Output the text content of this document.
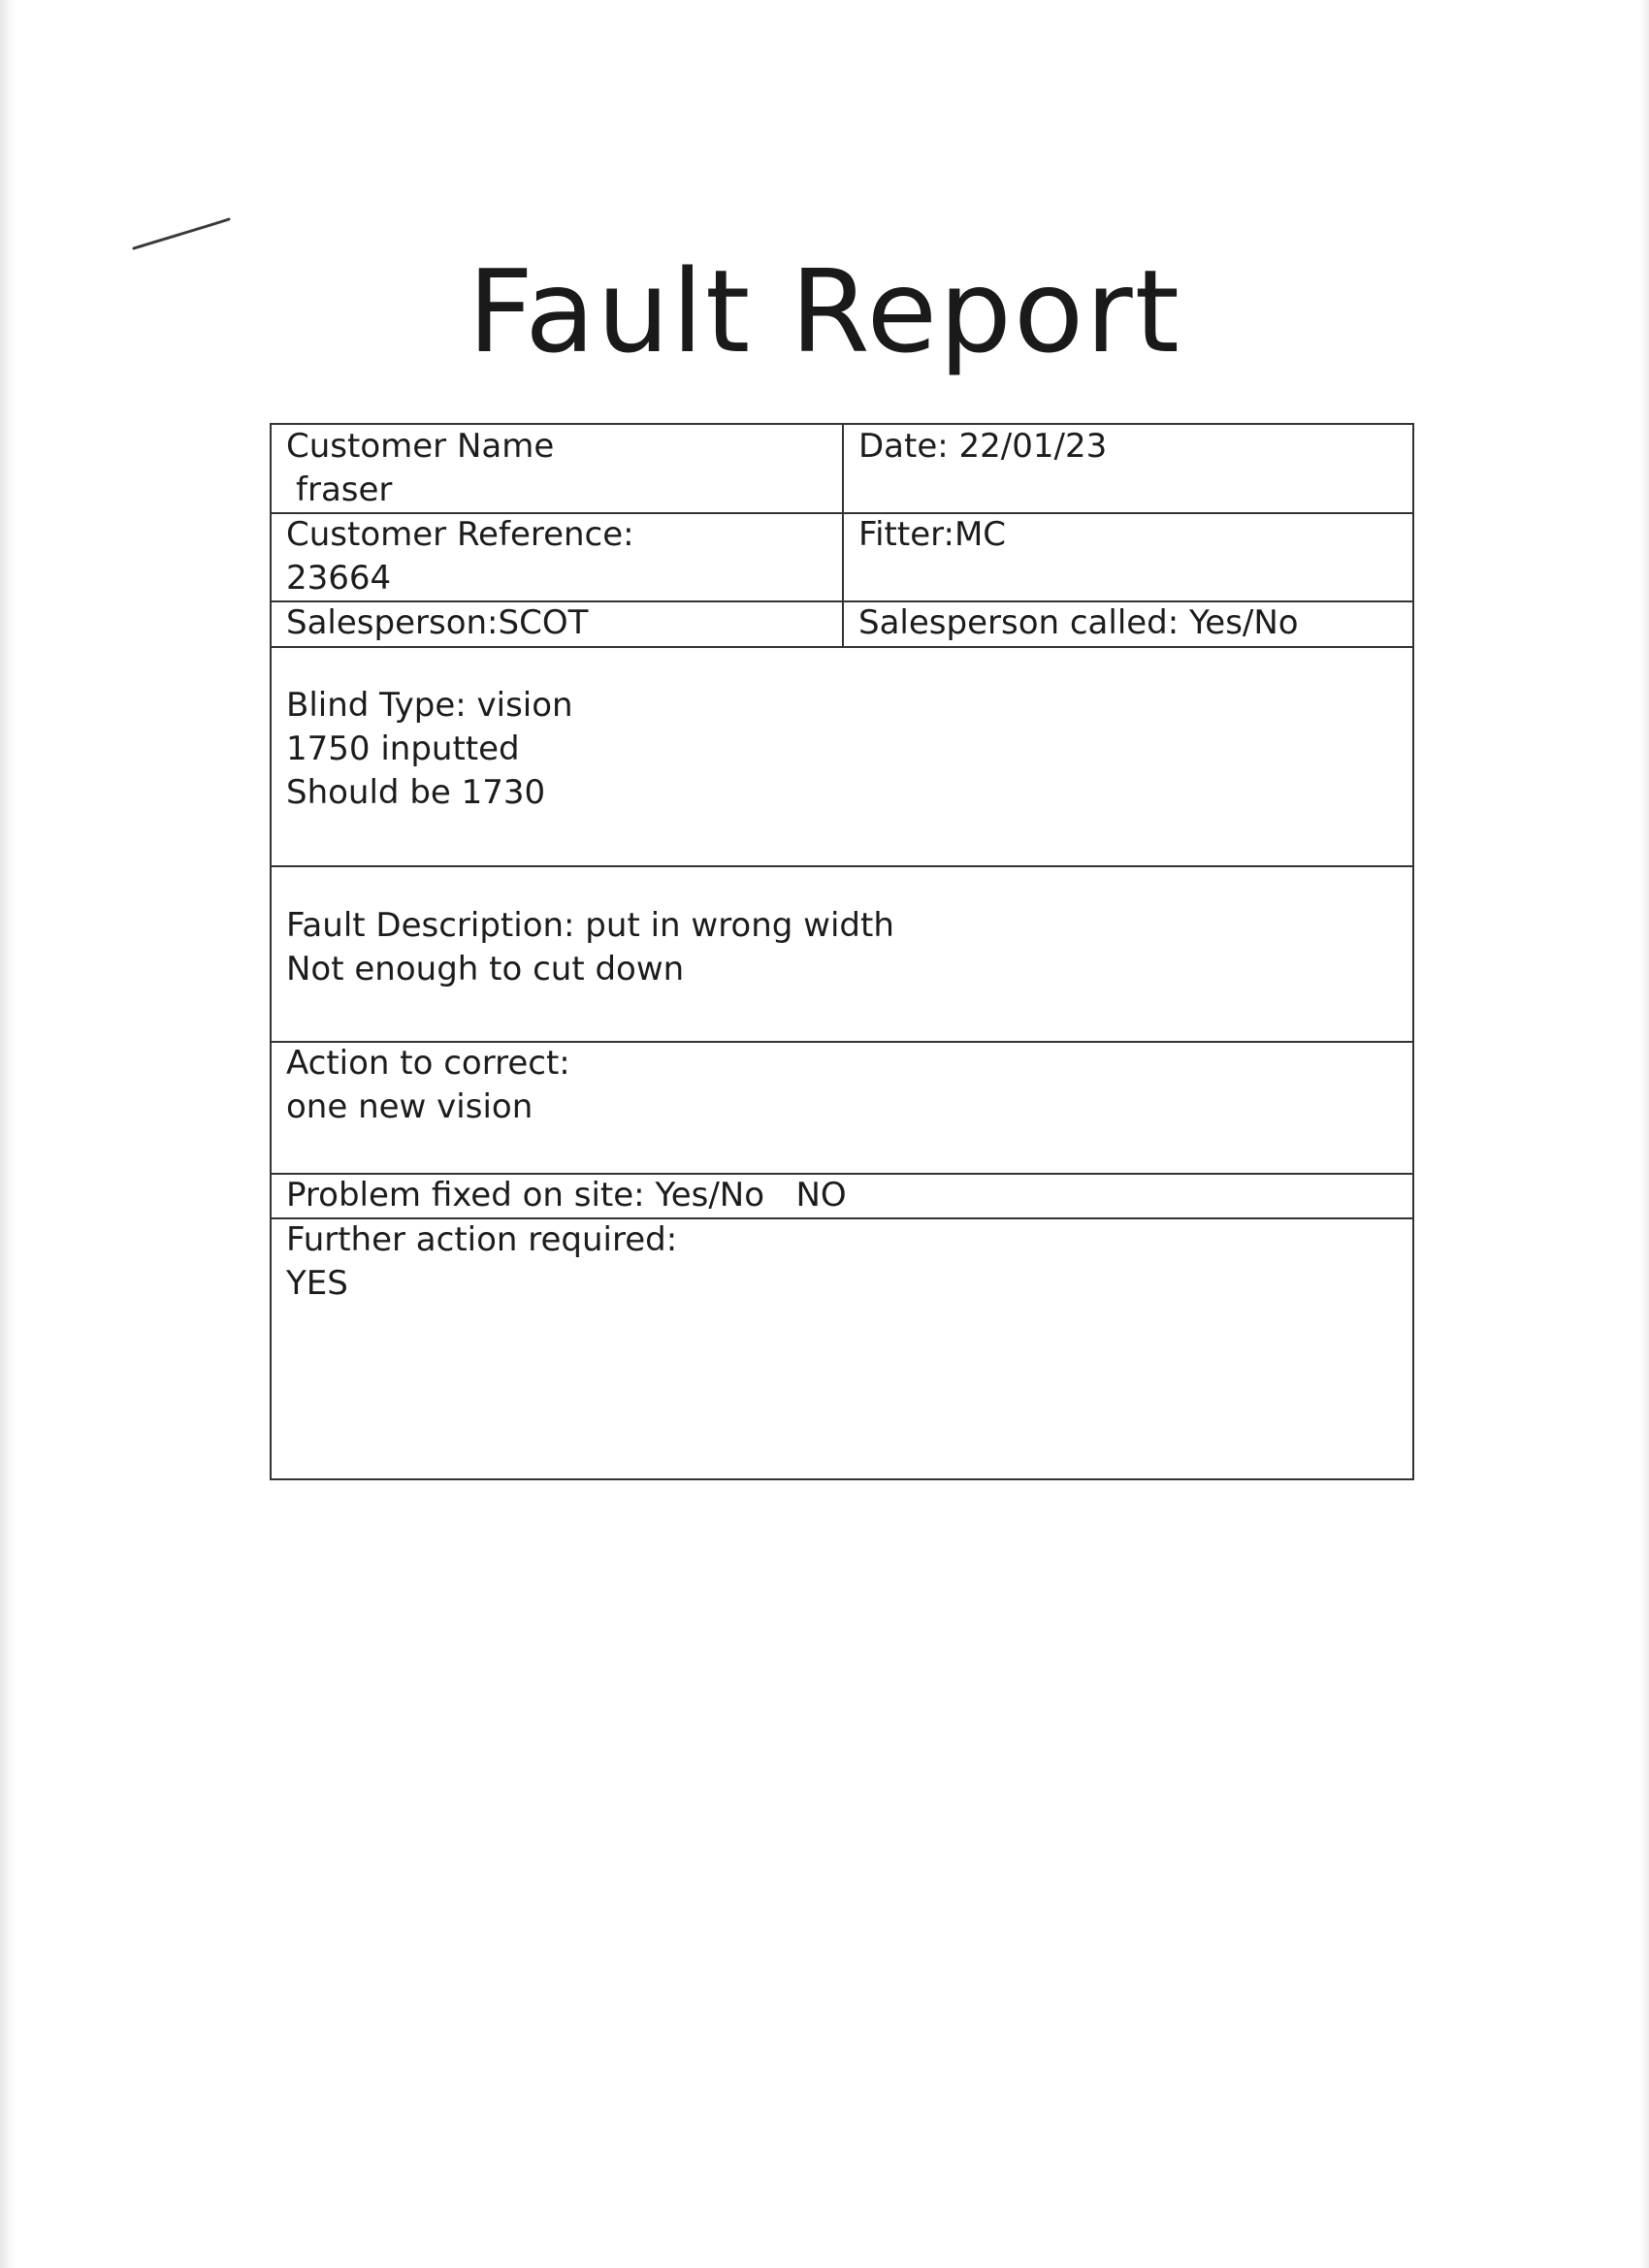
Fault Report
Customer Name
fraser
Date: 22/01/23
Customer Reference:
23664
Fitter:MC
Salesperson:SCOT	Salesperson called: Yes/No
Blind Type: vision
1750 inputted
Should be 1730
Fault Description: put in wrong width
Not enough to cut down
Action to correct:
one new vision
Problem fixed on site: Yes/No   NO
Further action required:
YES
